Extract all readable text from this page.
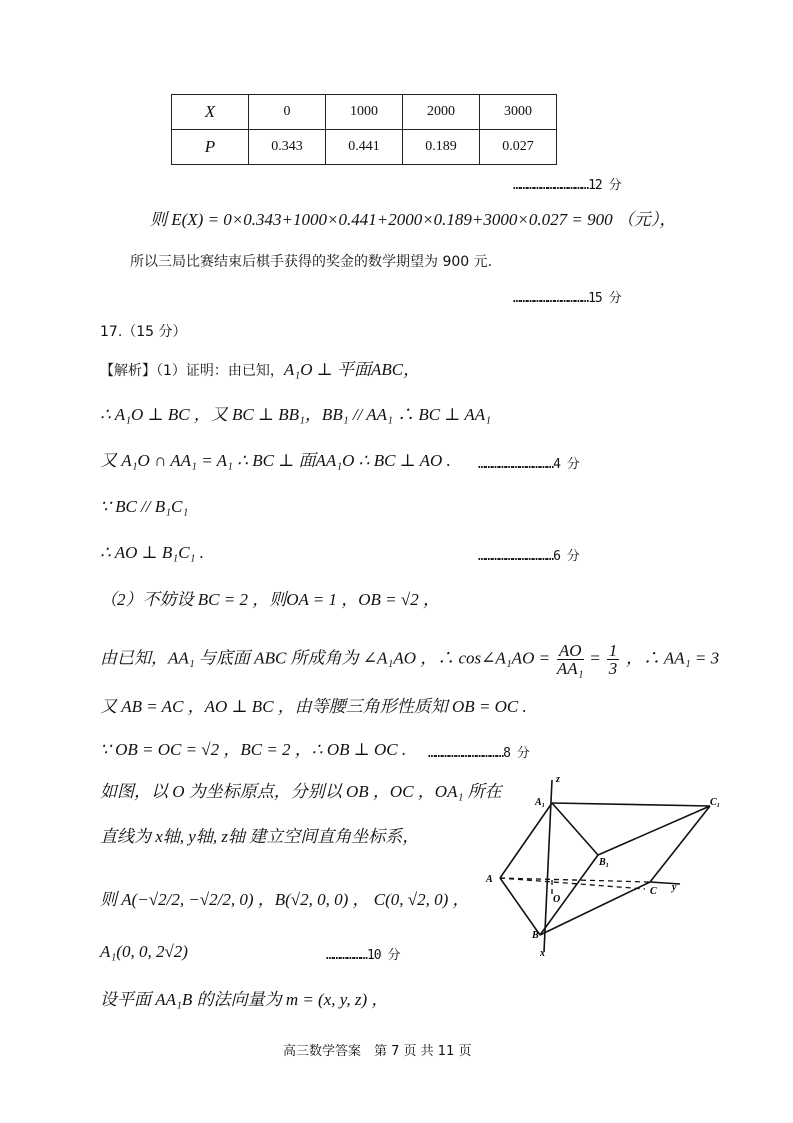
X	0	1000	2000	3000
P	0.343	0.441	0.189	0.027
……………………………12 分
则 E(X) = 0×0.343+1000×0.441+2000×0.189+3000×0.027 = 900 （元），
所以三局比赛结束后棋手获得的奖金的数学期望为 900 元.
……………………………15 分
17.（15 分）
【解析】（1）证明：由已知，A₁O ⊥ 平面ABC，
∴ A₁O ⊥ BC ，又 BC ⊥ BB₁，BB₁ // AA₁ ∴ BC ⊥ AA₁
又 A₁O ∩ AA₁ = A₁ ∴ BC ⊥ 面AA₁O ∴ BC ⊥ AO . ……………………………4 分
∵ BC // B₁C₁
∴ AO ⊥ B₁C₁ .	……………………………6 分
（2）不妨设 BC = 2 ，则OA = 1 ，OB = √2 ，
由已知，AA₁ 与底面 ABC 所成角为 ∠A₁AO ，∴ cos∠A₁AO = $\frac{AO}{\text{AA₁}} = \frac{1}{3}$ ，∴ AA₁ = 3
又 AB = AC ，AO ⊥ BC ，由等腰三角形性质知 OB = OC .
∵ OB = OC = √2 ，BC = 2 ，∴ OB ⊥ OC . ……………………………8 分
如图，以 O 为坐标原点，分别以 OB ，OC ，OA₁ 所在
直线为 x轴, y轴, z轴 建立空间直角坐标系，
则 A(−√2/2, −√2/2, 0) ，B(√2, 0, 0) ， C(0, √2, 0) ，
A₁(0, 0, 2√2)	………………10 分
设平面 AA₁B 的法向量为 m = (x, y, z) ，
z
A₁	C₁
B₁
A
C y
O
B
x
高三数学答案　第 7 页 共 11 页
